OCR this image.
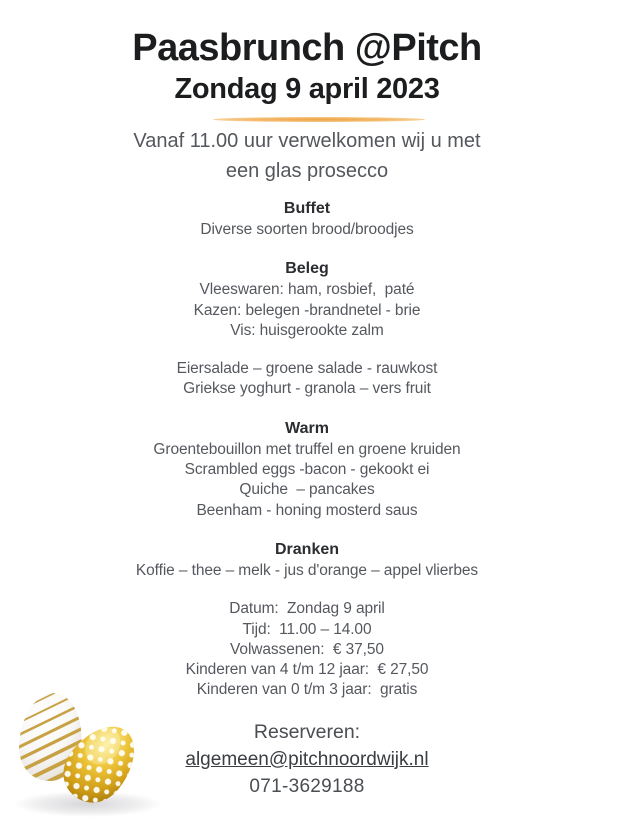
Paasbrunch @Pitch
Zondag 9 april 2023

Vanaf 11.00 uur verwelkomen wij u met
een glas prosecco

Buffet
Diverse soorten brood/broodjes
Beleg
Vleeswaren: ham, rosbief,  paté
Kazen: belegen -brandnetel - brie
Vis: huisgerookte zalm
Eiersalade – groene salade - rauwkost
Griekse yoghurt - granola – vers fruit
Warm
Groentebouillon met truffel en groene kruiden
Scrambled eggs -bacon - gekookt ei
Quiche  – pancakes
Beenham - honing mosterd saus
Dranken
Koffie – thee – melk - jus d'orange – appel vlierbes
Datum:  Zondag 9 april
Tijd:  11.00 – 14.00
Volwassenen:  € 37,50
Kinderen van 4 t/m 12 jaar:  € 27,50
Kinderen van 0 t/m 3 jaar:  gratis
Reserveren:
algemeen@pitchnoordwijk.nl
071-3629188
